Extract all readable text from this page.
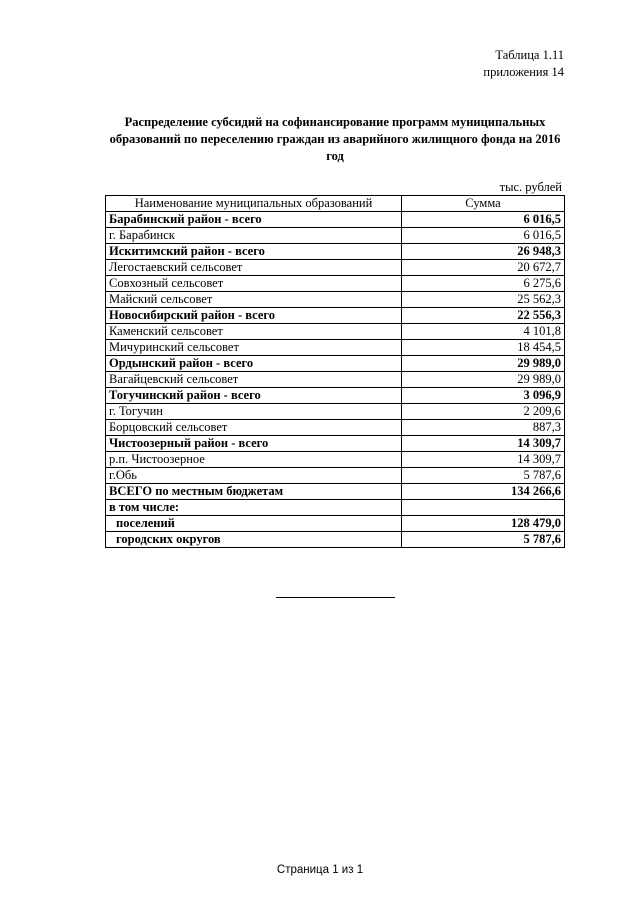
Таблица 1.11
приложения 14
Распределение субсидий на софинансирование программ муниципальных
образований по переселению граждан из аварийного жилищного фонда на 2016
год
тыс. рублей
Наименование муниципальных образований	Сумма
Барабинский район - всего	6 016,5
г. Барабинск	6 016,5
Искитимский район - всего	26 948,3
Легостаевский сельсовет	20 672,7
Совхозный сельсовет	6 275,6
Майский сельсовет	25 562,3
Новосибирский район - всего	22 556,3
Каменский сельсовет	4 101,8
Мичуринский сельсовет	18 454,5
Ордынский район - всего	29 989,0
Вагайцевский сельсовет	29 989,0
Тогучинский район - всего	3 096,9
г. Тогучин	2 209,6
Борцовский сельсовет	887,3
Чистоозерный район - всего	14 309,7
р.п. Чистоозерное	14 309,7
г.Обь	5 787,6
ВСЕГО по местным бюджетам	134 266,6
в том числе:	
поселений	128 479,0
городских округов	5 787,6
Страница 1 из 1
